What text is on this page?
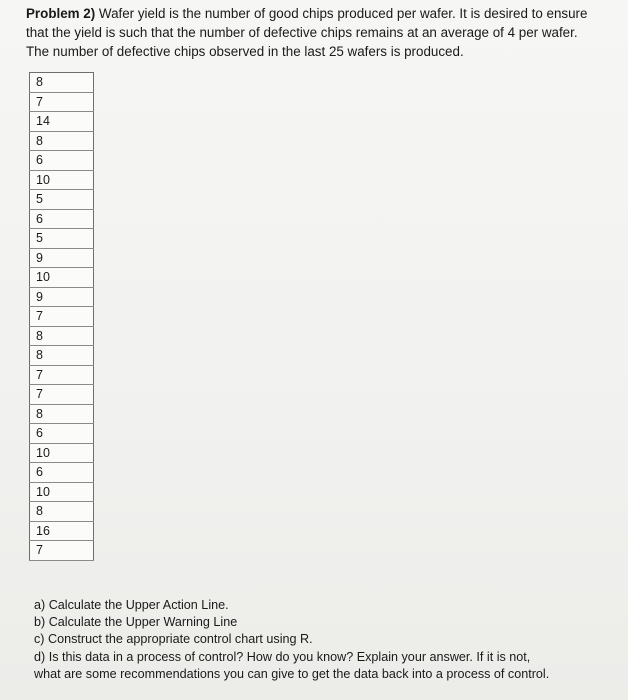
Problem 2) Wafer yield is the number of good chips produced per wafer. It is desired to ensure
that the yield is such that the number of defective chips remains at an average of 4 per wafer.
The number of defective chips observed in the last 25 wafers is produced.

8
7
14
8
6
10
5
6
5
9
10
9
7
8
8
7
7
8
6
10
6
10
8
16
7
a) Calculate the Upper Action Line.
b) Calculate the Upper Warning Line
c) Construct the appropriate control chart using R.
d) Is this data in a process of control? How do you know? Explain your answer. If it is not,
what are some recommendations you can give to get the data back into a process of control.
